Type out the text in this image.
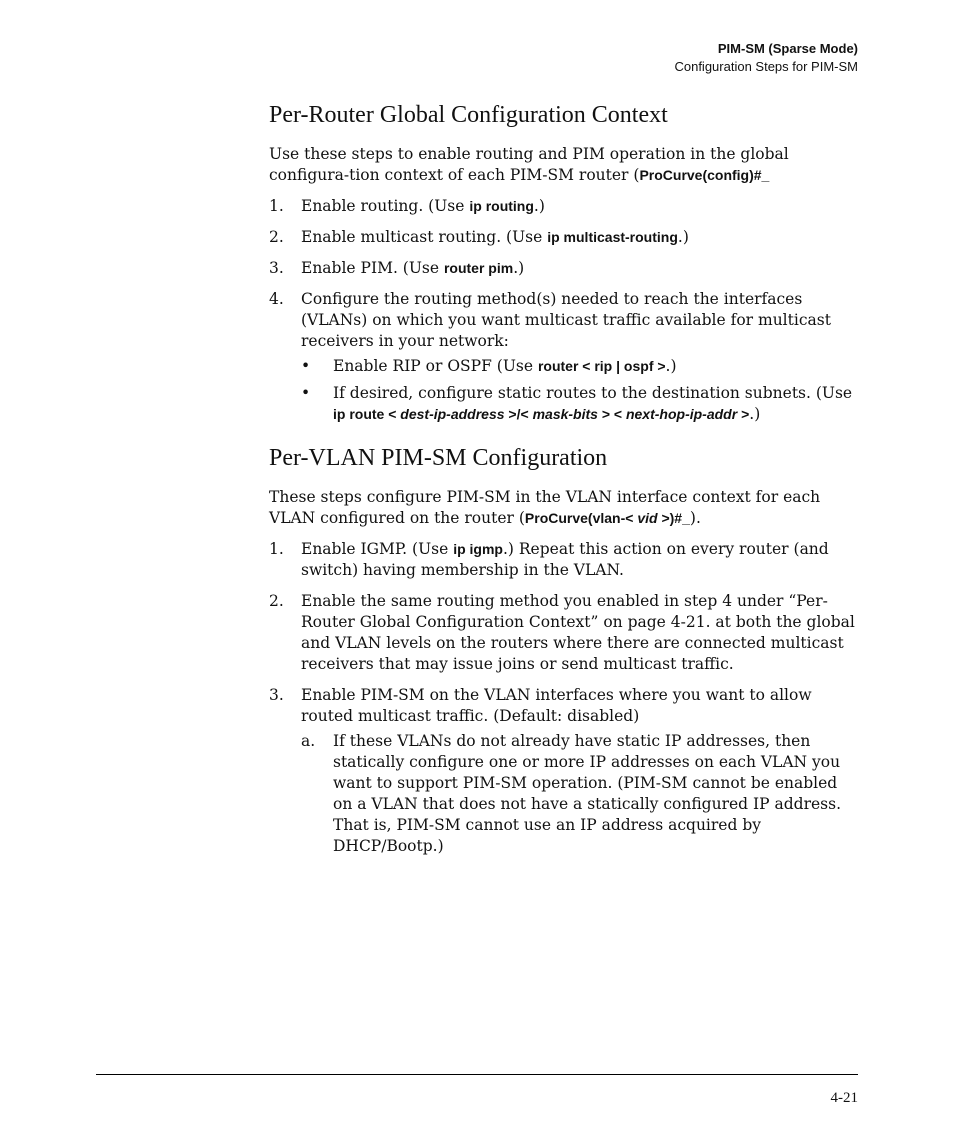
PIM-SM (Sparse Mode)
Configuration Steps for PIM-SM
Per-Router Global Configuration Context

Use these steps to enable routing and PIM operation in the global configura-tion context of each PIM-SM router (ProCurve(config)#_

1. Enable routing. (Use ip routing.)
2. Enable multicast routing. (Use ip multicast-routing.)
3. Enable PIM. (Use router pim.)
4. Configure the routing method(s) needed to reach the interfaces (VLANs) on which you want multicast traffic available for multicast receivers in your network:
• Enable RIP or OSPF (Use router < rip | ospf >.)
• If desired, configure static routes to the destination subnets. (Use ip route < dest-ip-address >/< mask-bits > < next-hop-ip-addr >.)
Per-VLAN PIM-SM Configuration

These steps configure PIM-SM in the VLAN interface context for each VLAN configured on the router (ProCurve(vlan-< vid >)#_).

1. Enable IGMP. (Use ip igmp.) Repeat this action on every router (and switch) having membership in the VLAN.
2. Enable the same routing method you enabled in step 4 under “Per-Router Global Configuration Context” on page 4-21. at both the global and VLAN levels on the routers where there are connected multicast receivers that may issue joins or send multicast traffic.
3. Enable PIM-SM on the VLAN interfaces where you want to allow routed multicast traffic. (Default: disabled)
a. If these VLANs do not already have static IP addresses, then statically configure one or more IP addresses on each VLAN you want to support PIM-SM operation. (PIM-SM cannot be enabled on a VLAN that does not have a statically configured IP address. That is, PIM-SM cannot use an IP address acquired by DHCP/Bootp.)
4-21
